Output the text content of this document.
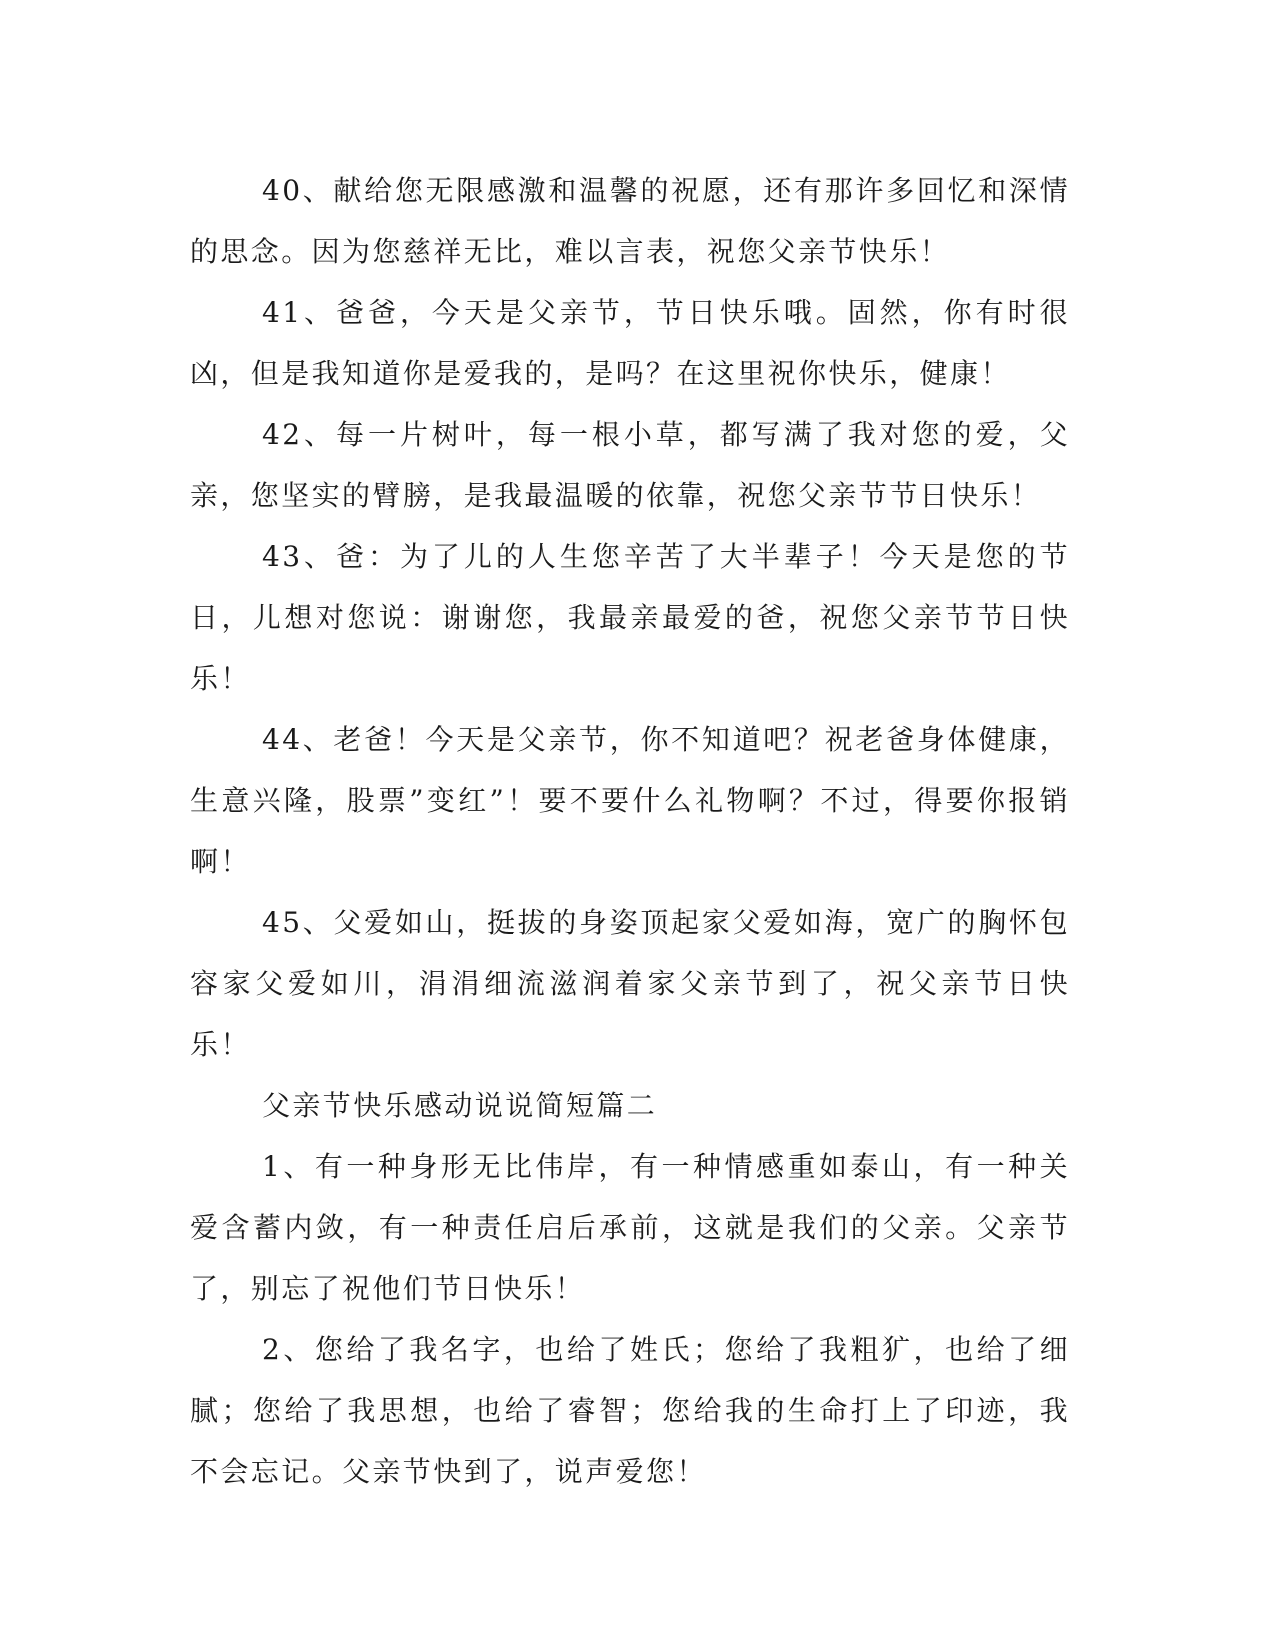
40、献给您无限感激和温馨的祝愿，还有那许多回忆和深情的思念。因为您慈祥无比，难以言表，祝您父亲节快乐！

41、爸爸，今天是父亲节，节日快乐哦。固然，你有时很凶，但是我知道你是爱我的，是吗？在这里祝你快乐，健康！

42、每一片树叶，每一根小草，都写满了我对您的爱，父亲，您坚实的臂膀，是我最温暖的依靠，祝您父亲节节日快乐！

43、爸：为了儿的人生您辛苦了大半辈子！今天是您的节日，儿想对您说：谢谢您，我最亲最爱的爸，祝您父亲节节日快乐！

44、老爸！今天是父亲节，你不知道吧？祝老爸身体健康，生意兴隆，股票”变红”！要不要什么礼物啊？不过，得要你报销啊！

45、父爱如山，挺拔的身姿顶起家父爱如海，宽广的胸怀包容家父爱如川，涓涓细流滋润着家父亲节到了，祝父亲节日快乐！

父亲节快乐感动说说简短篇二

1、有一种身形无比伟岸，有一种情感重如泰山，有一种关爱含蓄内敛，有一种责任启后承前，这就是我们的父亲。父亲节了，别忘了祝他们节日快乐！

2、您给了我名字，也给了姓氏；您给了我粗犷，也给了细腻；您给了我思想，也给了睿智；您给我的生命打上了印迹，我不会忘记。父亲节快到了，说声爱您！
